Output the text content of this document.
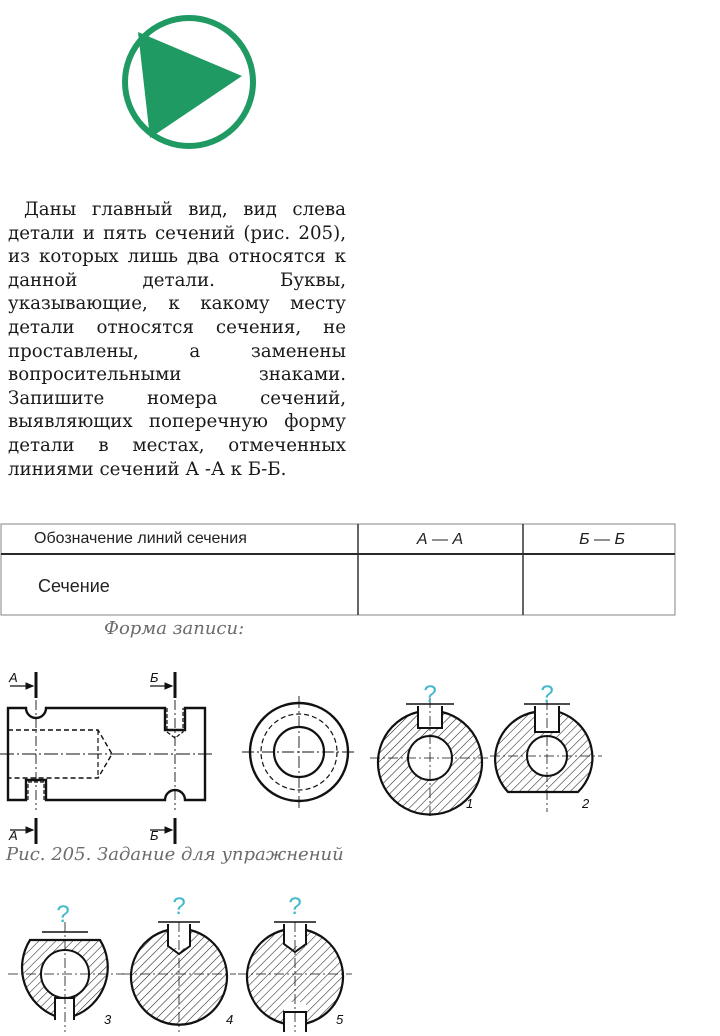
Даны главный вид, вид слева детали и пять сечений (рис. 205), из которых лишь два относятся к данной детали. Буквы, указывающие, к какому месту детали относятся сечения, не проставлены, а заменены вопросительными знаками. Запишите номера сечений, выявляющих поперечную форму детали в местах, отмеченных линиями сечений А -А к Б-Б.

Обозначение линий сечения	А — А	Б — Б
Сечение
Форма записи:
А
А
Б
Б
?	?
?	?	?
1	2
3	4	5
Рис. 205. Задание для упражнений
